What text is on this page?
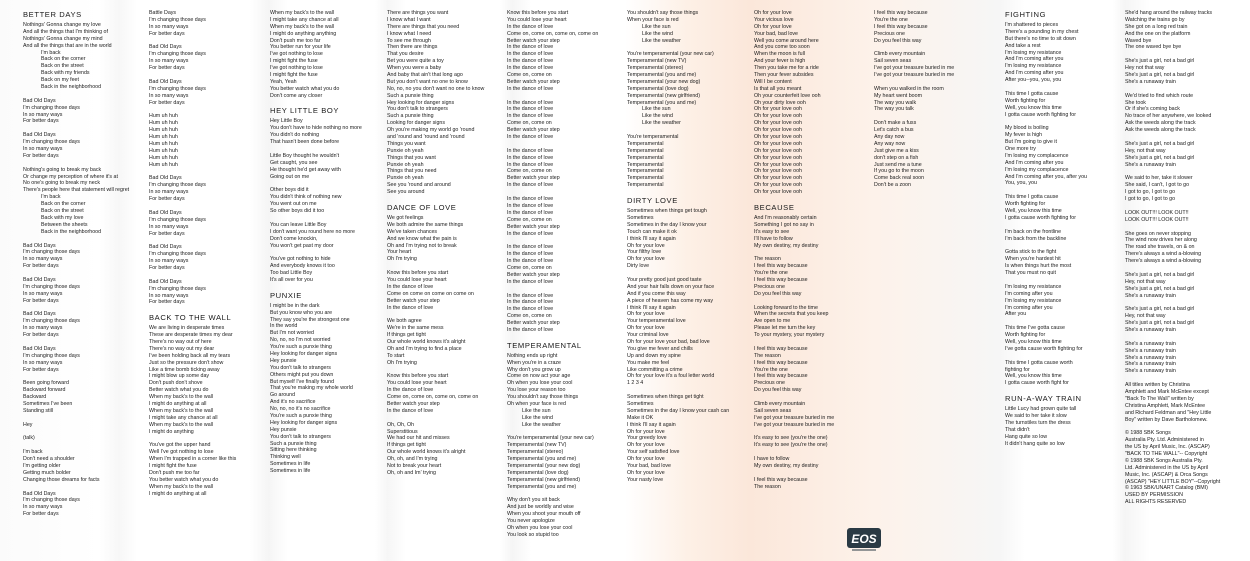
BETTER DAYS
Nothings' Gonna change my love
And all the things that I'm thinking of
Nothings' Gonna change my mind
And all the things that are in the world
I'm back
Back on the corner
Back on the street
Back with my friends
Back on my feet
Back in the neighborhood
Bad Old Days
I'm changing those days
In so many ways
For better days
Bad Old Days
I'm changing those days
In so many ways
For better days
Nothing's going to break my back
Or change my perception of where it's at
No one's going to break my neck
There's people here that statement will regret
I'm back
Back on the corner
Back on the street
Back with my love
Between the sheets
Back in the neighborhood
Bad Old Days
I'm changing those days
In so many ways
For better days
Bad Old Days
I'm changing those days
In so many ways
For better days
Bad Old Days
I'm changing those days
In so many ways
For better days
Bad Old Days
I'm changing those days
In so many ways
For better days
Been going forward
Backward forward
Backward
Sometimes I've been
Standing still
Hey
(talk)
I'm back
Don't need a shoulder
I'm getting older
Getting much bolder
Changing those dreams for facts
Bad Old Days
I'm changing those days
In so many ways
For better days
Battle Days
I'm changing those days
In so many ways
For better days
Bad Old Days
I'm changing those days
In so many ways
For better days
Bad Old Days
I'm changing those days
In so many ways
For better days
Hum uh huh
Hum uh huh
Hum uh huh
Hum uh huh
Hum uh huh
Hum uh huh
Hum uh huh
Hum uh huh
Bad Old Days
I'm changing those days
In so many ways
For better days
Bad Old Days
I'm changing those days
In so many ways
For better days
Bad Old Days
I'm changing those days
In so many ways
For better days
Bad Old Days
I'm changing those days
In so many ways
For better days
BACK TO THE WALL
We are living in desperate times
These are desperate times my dear
There's no way out of here
There's no way out my dear
I've been holding back all my tears
Just so the pressure don't show
Like a time bomb ticking away
I might blow up some day
Don't push don't shove
Better watch what you do
When my back's to the wall
I might do anything at all
When my back's to the wall
I might take any chance at all
When my back's to the wall
I might do anything
You've got the upper hand
Well I've got nothing to lose
When I'm trapped in a corner like this
I might fight the fuse
Don't push me too far
You better watch what you do
When my back's to the wall
I might do anything at all
When my back's to the wall
I might take any chance at all
When my back's to the wall
I might do anything anything
Don't push me too far
You better run for your life
I've got nothing to lose
I might fight the fuse
I've got nothing to lose
I might fight the fuse
Yeah, Yeah
You better watch what you do
Don't come any closer
HEY LITTLE BOY
Hey Little Boy
You don't have to hide nothing no more
You didn't do nothing
That hasn't been done before
Little Boy thought he wouldn't
Get caught, you see
He thought he'd get away with
Going out on me
Other boys did it
You didn't think of nothing new
You went out on me
So other boys did it too
You can leave Little Boy
I don't want you round here no more
Don't come knockin,
You won't get past my door
You've got nothing to hide
And everybody knows it too
Too bad Little Boy
It's all over for you
PUNXIE
I might be in the dark
But you know who you are
They say you're the strongest one
In the world
But I'm not worried
No, no, no I'm not worried
You're such a punxie thing
Hey looking for danger signs
Hey punxie
You don't talk to strangers
Others might put you down
But myself I've finally found
That you're making my whole world
Go around
And it's no sacrifice
No, no, no it's no sacrifice
You're such a punxie thing
Hey looking for danger signs
Hey punxie
You don't talk to strangers
Such a punxie thing
Sitting here thinking
Thinking well
Sometimes in life
Sometimes in life
There are things you want
I know what I want
There are things that you need
I know what I need
To see me through
Then there are things
That you desire
Bet you were quite a toy
When you were a baby
And baby that ain't that long ago
But you don't want no one to know
No, no, no you don't want no one to know
Such a punxie thing
Hey looking for danger signs
You don't talk to strangers
Such a punxie thing
Looking for danger signs
Oh you're making my world go 'round
and 'round and 'round and 'round
Things you want
Punxie oh yeah
Things that you want
Punxie oh yeah
Things that you need
Punxie oh yeah
See you 'round and around
See you around
DANCE OF LOVE
We got feelings
We both admire the same things
We've taken chances
And we know what the pain is
Oh and I'm trying not to break
Your heart
Oh I'm trying
Know this before you start
You could lose your heart
In the dance of love
Come on come on come on come on
Better watch your step
In the dance of love
We both agree
We're in the same mess
If things get tight
Our whole world knows it's alright
Oh and I'm trying to find a place
To start
Oh I'm trying
Know this before you start
You could lose your heart
In the dance of love
Come on, come on, come on, come on
Better watch your step
In the dance of love
Oh, Oh, Oh
Superstitious
We had our hit and misses
If things get tight
Our whole world knows it's alright
Oh, oh, and I'm trying
Not to break your heart
Oh, oh and Im' trying
Know this before you start
You could lose your heart
In the dance of love
Come on, come on, come on, come on
Better watch your step
In the dance of love
In the dance of love
In the dance of love
In the dance of love
Come on, come on
Better watch your step
In the dance of love
In the dance of love
In the dance of love
In the dance of love
Come on, come on
Better watch your step
In the dance of love
In the dance of love
In the dance of love
In the dance of love
Come on, come on
Better watch your step
In the dance of love
In the dance of love
In the dance of love
In the dance of love
Come on, come on
Better watch your step
In the dance of love
In the dance of love
In the dance of love
In the dance of love
Come on, come on
Better watch your step
In the dance of love
In the dance of love
In the dance of love
In the dance of love
Come on, come on
Better watch your step
In the dance of love
TEMPERAMENTAL
Nothing ends up right
When you're in a craze
Why don't you grow up
Come on now act your age
Oh when you lose your cool
You lose your reason too
You shouldn't say those things
Oh when your face is red
Like the sun
Like the wind
Like the weather
You're temperamental (your new car)
Temperamental (new TV)
Temperamental (stereo)
Temperamental (you and me)
Temperamental (your new dog)
Temperamental (love dog)
Temperamental (new girlfriend)
Temperamental (you and me)
Why don't you sit back
And just be worldly and wise
When you shoot your mouth off
You never apologize
Oh when you lose your cool
You look so stupid too
You shouldn't say those things
When your face is red
Like the sun
Like the wind
Like the weather
You're temperamental (your new car)
Temperamental (new TV)
Temperamental (stereo)
Temperamental (you and me)
Temperamental (your new dog)
Temperamental (love dog)
Temperamental (new girlfriend)
Temperamental (you and me)
Like the sun
Like the wind
Like the weather
You're temperamental
Temperamental
Temperamental
Temperamental
Temperamental
Temperamental
Temperamental
Temperamental
DIRTY LOVE
Sometimes when things get tough
Sometimes
Sometimes in the day I know your
Touch can make it ok
I think I'll say it again
Oh for your love
Your filthy love
Oh for your love
Dirty love
Your pretty good just good taste
And your hair falls down on your face
And if you come this way
A piece of heaven has come my way
I think I'll say it again
Oh for your love
Your temperamental love
Oh for your love
Your criminal love
Oh for your love your bad, bad love
You give me fever and chills
Up and down my spine
You make me feel
Like committing a crime
Oh for your love it's a foul letter world
1 2 3 4
Sometimes when things get tight
Sometimes
Sometimes in the day I know your cash can
Make it OK
I think I'll say it again
Oh for your love
Your greedy love
Oh for your love
Your self satisfied love
Oh for your love
Your bad, bad love
Oh for your love
Your nasty love
Oh for your love
Your vicious love
Oh for your love
Your bad, bad love
Well you come around here
And you come too soon
When the moon is full
And your fever is high
Then you take me for a ride
Then your fever subsides
Will I be content
Is that all you meant
Oh your counterfeit love ooh
Oh your dirty love ooh
Oh for your love ooh
Oh for your love ooh
Oh for your love ooh
Oh for your love ooh
Oh for your love ooh
Oh for your love ooh
Oh for your love ooh
Oh for your love ooh
Oh for your love ooh
Oh for your love ooh
Oh for your love ooh
Oh for your love ooh
Oh for your love ooh
BECAUSE
And I'm reasonably certain
Something I got no say in
It's easy to see
I'll have to follow
My own destiny, my destiny
The reason
I feel this way because
You're the one
I feel this way because
Precious one
Do you feel this way
Looking forward to the time
When the secrets that you keep
Are open to me
Please let me turn the key
To your mystery, your mystery
I feel this way because
The reason
I feel this way because
You're the one
I feel this way because
Precious one
Do you feel this way
Climb every mountain
Sail seven seas
I've got your treasure buried in me
I've got your treasure buried in me
It's easy to see (you're the one)
It's easy to see (you're the one)
I have to follow
My own destiny, my destiny
I feel this way because
The reason
I feel this way because
You're the one
I feel this way because
Precious one
Do you feel this way
Climb every mountain
Sail seven seas
I've got your treasure buried in me
I've got your treasure buried in me
When you walked in the room
My heart went boom
The way you walk
The way you talk
Don't make a fuss
Let's catch a bus
Any day now
Any way now
Just give me a kiss
don't step on a fish
Just send me a tune
If you go to the moon
Come back real soon
Don't be a zoon
FIGHTING
I'm shattered to pieces
There's a pounding in my chest
But there's no time to sit down
And take a rest
I'm losing my resistance
And I'm coming after you
I'm losing my resistance
And I'm coming after you
After you--you, you, you
This time I gotta cause
Worth fighting for
Well, you know this time
I gotta cause worth fighting for
My blood is boiling
My fever is high
But I'm going to give it
One more try
I'm losing my complacence
And I'm coming after you
I'm losing my complacence
And I'm coming after you, after you
You, you, you
This time I gotta cause
Worth fighting for
Well, you know this time
I gotta cause worth fighting for
I'm back on the frontline
I'm back from the backline
Gotta stick to the fight
When you're hardest hit
Is when things hurt the most
That you must no quit
I'm losing my resistance
I'm coming after you
I'm losing my resistance
I'm coming after you
After you
This time I've gotta cause
Worth fighting for
Well, you know this time
I've gotta cause worth fighting for
This time I gotta cause worth
fighting for
Well, you know this time
I gotta cause worth fight for
RUN-A-WAY TRAIN
Little Lucy had grown quite tall
We said to her take it slow
The turnstiles turn the dress
That didn't
Hang quite so low
It didn't hang quite so low
She'd hang around the railway tracks
Watching the trains go by
She got on a long red train
And the one on the platform
Waved bye
The one waved bye bye
She's just a girl, not a bad girl
Hey not that way
She's just a girl, not a bad girl
She's a runaway train
We'd tried to find which route
She took
Or if she's coming back
No trace of her anywhere, we looked
Ask the weeds along the track
Ask the weeds along the track
She's just a girl, not a bad girl
Hey, not that way
She's just a girl, not a bad girl
She's a runaway train
We said to her, take it slower
She said, I can't, I got to go
I got to go, I got to go
I got to go, I got to go
LOOK OUT!!! LOOK OUT!!
LOOK OUT!!! LOOK OUT!!
She goes on never stopping
The wind now drives her along
The road she travels, on & on
There's always a wind a-blowing
There's always a wind a-blowing
She's just a girl, not a bad girl
Hey, not that way
She's just a girl, not a bad girl
She's a runaway train
She's just a girl, not a bad girl
Hey, not that way
She's just a girl, not a bad girl
She's a runaway train
She's a runaway train
She's a runaway train
She's a runaway train
She's a runaway train
She's a runaway train
All titles written by Christina
Amphlett and Mark McEntee except
"Back To The Wall" written by
Christina Amphlett, Mark McEntee
and Richard Feldman and "Hey Little
Boy" written by Dave Bartholomew.
© 1988 SBK Songs
Australia Pty. Ltd. Administered in
the US by April Music, Inc. (ASCAP)
"BACK TO THE WALL"-- Copyright
© 1988 SBK Songs Australia Pty.
Ltd. Administered in the US by April
Music, Inc. (ASCAP) & Orca Songs
(ASCAP) "HEY LITTLE BOY"--Copyright
© 1963 SBK/UNART Catalog (BMI)
USED BY PERMISSION
ALL RIGHTS RESERVED
EOS
